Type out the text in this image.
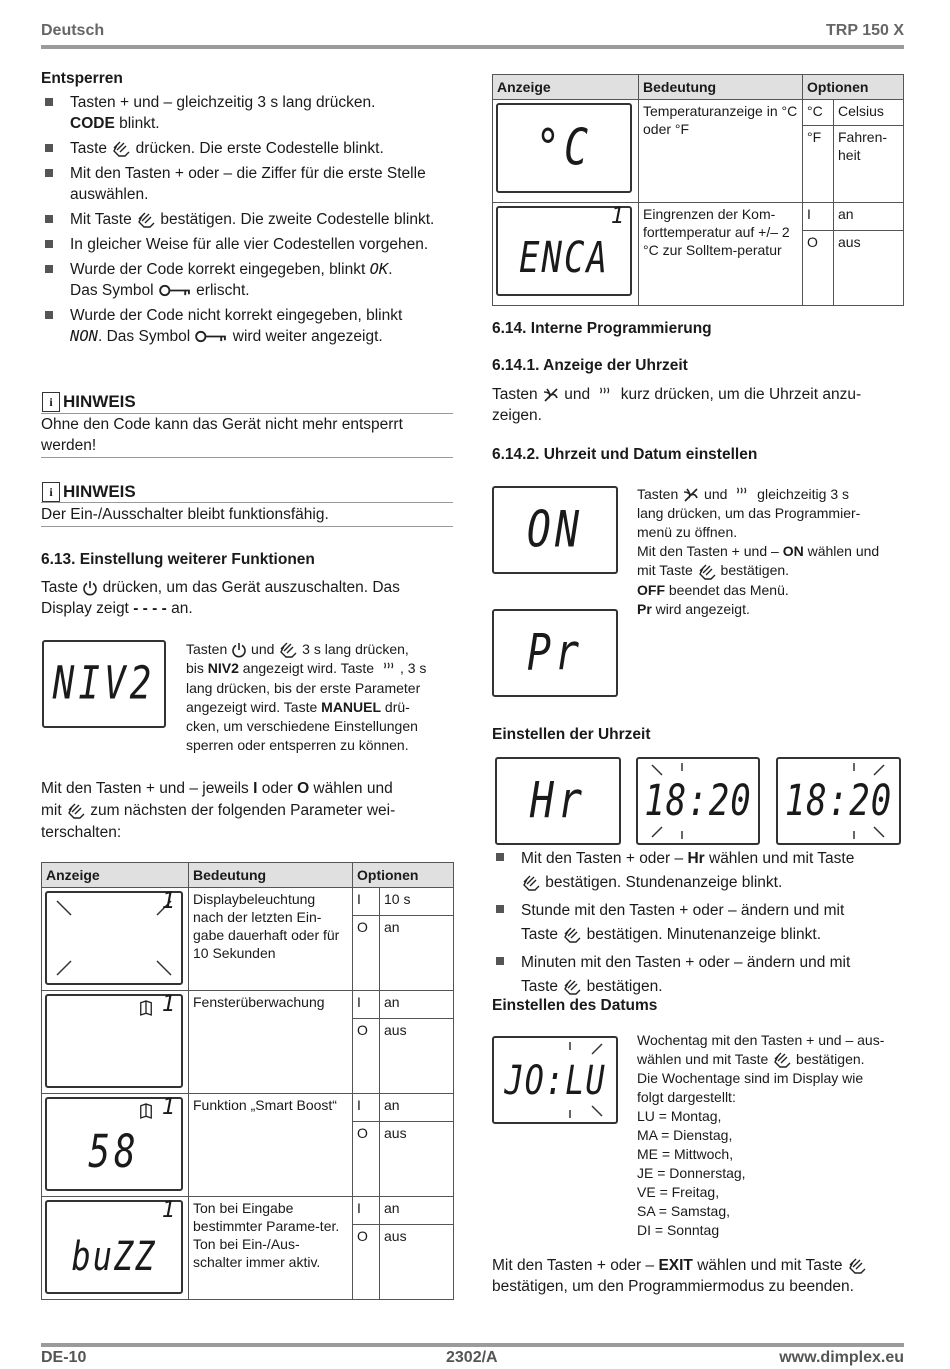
Deutsch	TRP 150 X
DE-10	2302/A	www.dimplex.eu
Entsperren
Tasten + und – gleichzeitig 3 s lang drücken.
CODE blinkt.
Taste  drücken. Die erste Codestelle blinkt.
Mit den Tasten + oder – die Ziffer für die erste Stelle auswählen.
Mit Taste  bestätigen. Die zweite Codestelle blinkt.
In gleicher Weise für alle vier Codestellen vorgehen.
Wurde der Code korrekt eingegeben, blinkt OK.
Das Symbol  erlischt.
Wurde der Code nicht korrekt eingegeben, blinkt
NON. Das Symbol  wird weiter angezeigt.
i HINWEIS
Ohne den Code kann das Gerät nicht mehr entsperrt werden!
i HINWEIS
Der Ein-/Ausschalter bleibt funktionsfähig.
6.13. Einstellung weiterer Funktionen
Taste  drücken, um das Gerät auszuschalten. Das
Display zeigt - - - - an.
NIV2
Tasten  und  3 s lang drücken,
bis NIV2 angezeigt wird. Taste , 3 s
lang drücken, bis der erste Parameter
angezeigt wird. Taste MANUEL drü-
cken, um verschiedene Einstellungen
sperren oder entsperren zu können.
Mit den Tasten + und – jeweils I oder O wählen und
mit  zum nächsten der folgenden Parameter wei-
terschalten:
Anzeige	Bedeutung	Optionen	

1	Displaybeleuchtung nach der letzten Ein-gabe dauerhaft oder für 10 Sekunden	I	10 s
		O	an

1	Fensterüberwachung	I	an
		O	aus

1
58	Funktion „Smart Boost“	I	an
		O	aus

1
buZZ	Ton bei Eingabe bestimmter Parame-ter. Ton bei Ein-/Aus-schalter immer aktiv.	I	an
		O	aus
Anzeige	Bedeutung	Optionen	

°C	Temperaturanzeige in °C oder °F	°C	Celsius
		°F	Fahren-heit

1
ENCA	Eingrenzen der Kom-forttemperatur auf +/– 2 °C zur Solltem-peratur	I	an
		O	aus
6.14. Interne Programmierung
6.14.1. Anzeige der Uhrzeit
Tasten  und  kurz drücken, um die Uhrzeit anzu-
zeigen.
6.14.2. Uhrzeit und Datum einstellen
ON
Pr
Tasten  und  gleichzeitig 3 s
lang drücken, um das Programmier-
menü zu öffnen.
Mit den Tasten + und – ON wählen und
mit Taste  bestätigen.
OFF beendet das Menü.
Pr wird angezeigt.
Einstellen der Uhrzeit
Hr	18:20 18:20
Mit den Tasten + oder – Hr wählen und mit Taste
bestätigen. Stundenanzeige blinkt.
Stunde mit den Tasten + oder – ändern und mit
Taste  bestätigen. Minutenanzeige blinkt.
Minuten mit den Tasten + oder – ändern und mit
Taste  bestätigen.
Einstellen des Datums
JO:LU
Wochentag mit den Tasten + und – aus-
wählen und mit Taste  bestätigen.
Die Wochentage sind im Display wie
folgt dargestellt:
LU = Montag,
MA = Dienstag,
ME = Mittwoch,
JE = Donnerstag,
VE = Freitag,
SA = Samstag,
DI = Sonntag
Mit den Tasten + oder – EXIT wählen und mit Taste
bestätigen, um den Programmiermodus zu beenden.
